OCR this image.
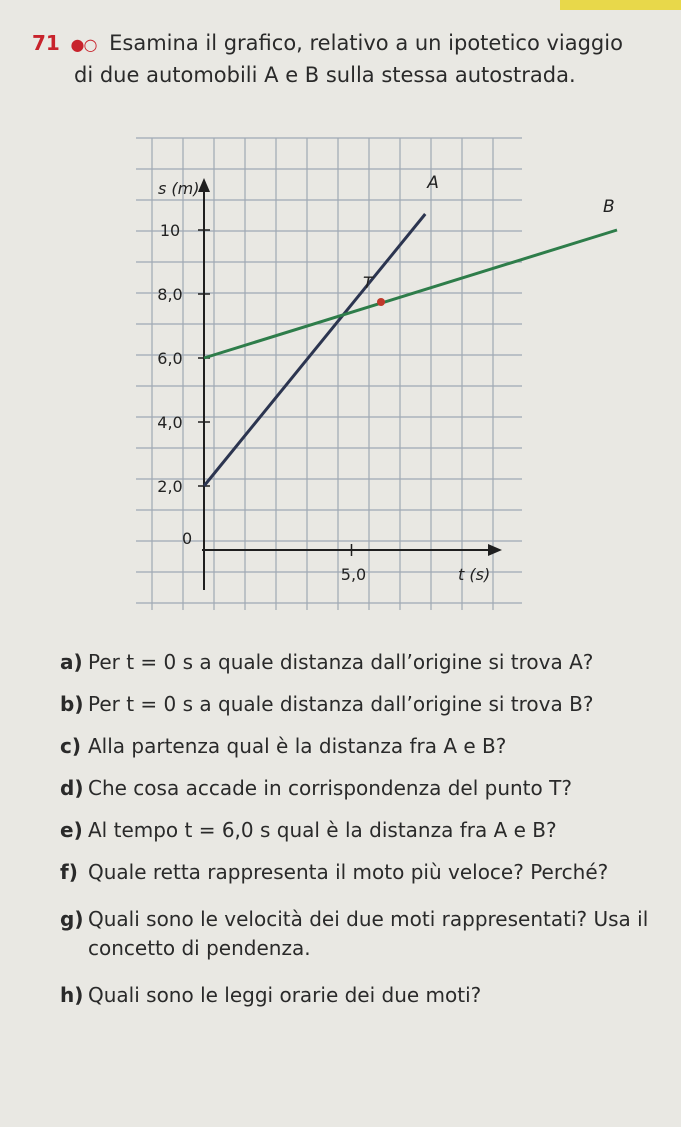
71 ●○ Esamina il grafico, relativo a un ipotetico viaggio
di due automobili A e B sulla stessa autostrada.
s (m)
t (s)
0
2,0
4,0
6,0
8,0
10
5,0
A
B
T
a) Per t = 0 s a quale distanza dall’origine si trova A?
b) Per t = 0 s a quale distanza dall’origine si trova B?
c) Alla partenza qual è la distanza fra A e B?
d) Che cosa accade in corrispondenza del punto T?
e) Al tempo t = 6,0 s qual è la distanza fra A e B?
f) Quale retta rappresenta il moto più veloce? Perché?
g) Quali sono le velocità dei due moti rappresentati? Usa il concetto di pendenza.
h) Quali sono le leggi orarie dei due moti?
